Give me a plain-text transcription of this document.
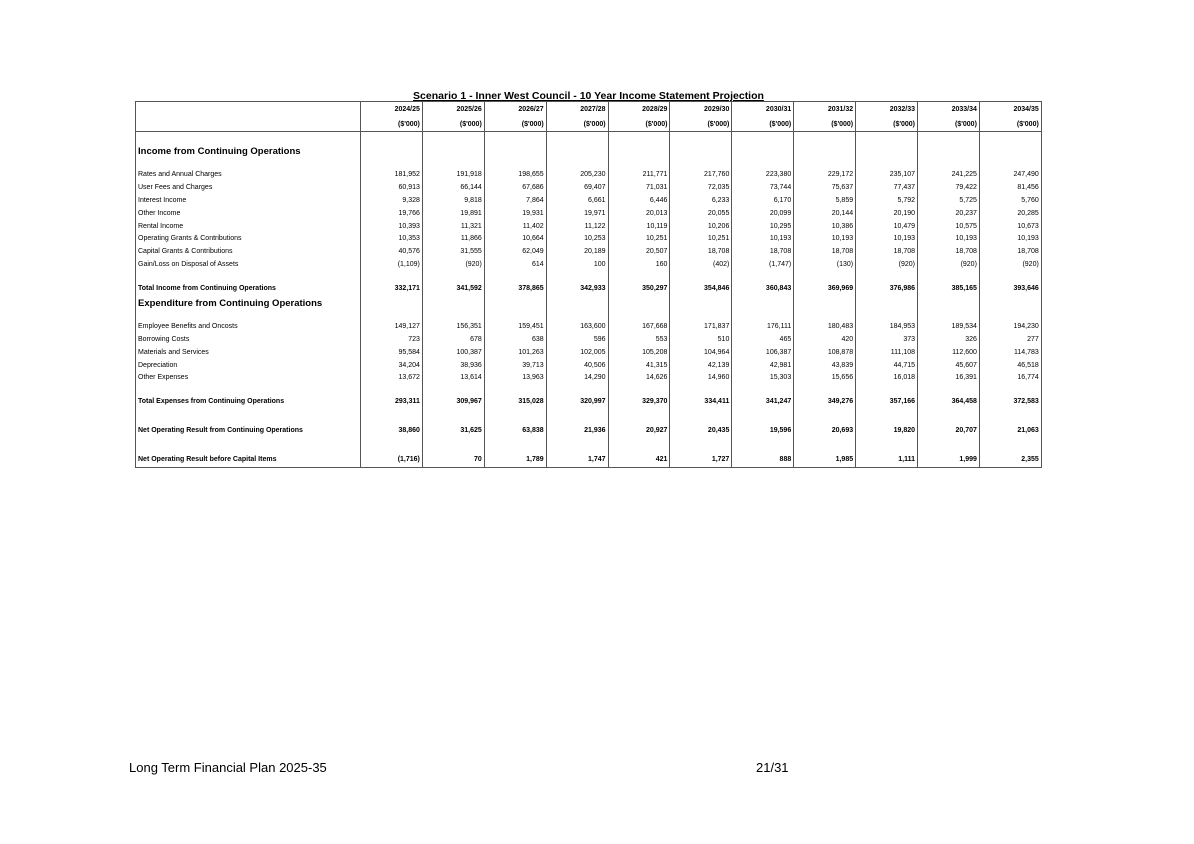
Scenario 1 - Inner West Council - 10 Year Income Statement Projection
	2024/25	2025/26	2026/27	2027/28	2028/29	2029/30	2030/31	2031/32	2032/33	2033/34	2034/35
	($'000)	($'000)	($'000)	($'000)	($'000)	($'000)	($'000)	($'000)	($'000)	($'000)	($'000)

Income from Continuing Operations											

Rates and Annual Charges	181,952	191,918	198,655	205,230	211,771	217,760	223,380	229,172	235,107	241,225	247,490
User Fees and Charges	60,913	66,144	67,686	69,407	71,031	72,035	73,744	75,637	77,437	79,422	81,456
Interest Income	9,328	9,818	7,864	6,661	6,446	6,233	6,170	5,859	5,792	5,725	5,760
Other Income	19,766	19,891	19,931	19,971	20,013	20,055	20,099	20,144	20,190	20,237	20,285
Rental Income	10,393	11,321	11,402	11,122	10,119	10,206	10,295	10,386	10,479	10,575	10,673
Operating Grants & Contributions	10,353	11,866	10,664	10,253	10,251	10,251	10,193	10,193	10,193	10,193	10,193
Capital Grants & Contributions	40,576	31,555	62,049	20,189	20,507	18,708	18,708	18,708	18,708	18,708	18,708
Gain/Loss on Disposal of Assets	(1,109)	(920)	614	100	160	(402)	(1,747)	(130)	(920)	(920)	(920)

Total Income from Continuing Operations	332,171	341,592	378,865	342,933	350,297	354,846	360,843	369,969	376,986	385,165	393,646
Expenditure from Continuing Operations											

Employee Benefits and Oncosts	149,127	156,351	159,451	163,600	167,668	171,837	176,111	180,483	184,953	189,534	194,230
Borrowing Costs	723	678	638	596	553	510	465	420	373	326	277
Materials and Services	95,584	100,387	101,263	102,005	105,208	104,964	106,387	108,878	111,108	112,600	114,783
Depreciation	34,204	38,936	39,713	40,506	41,315	42,139	42,981	43,839	44,715	45,607	46,518
Other Expenses	13,672	13,614	13,963	14,290	14,626	14,960	15,303	15,656	16,018	16,391	16,774

Total Expenses from Continuing Operations	293,311	309,967	315,028	320,997	329,370	334,411	341,247	349,276	357,166	364,458	372,583

Net Operating Result from Continuing Operations	38,860	31,625	63,838	21,936	20,927	20,435	19,596	20,693	19,820	20,707	21,063

Net Operating Result before Capital Items	(1,716)	70	1,789	1,747	421	1,727	888	1,985	1,111	1,999	2,355
Long Term Financial Plan 2025-35	21/31
